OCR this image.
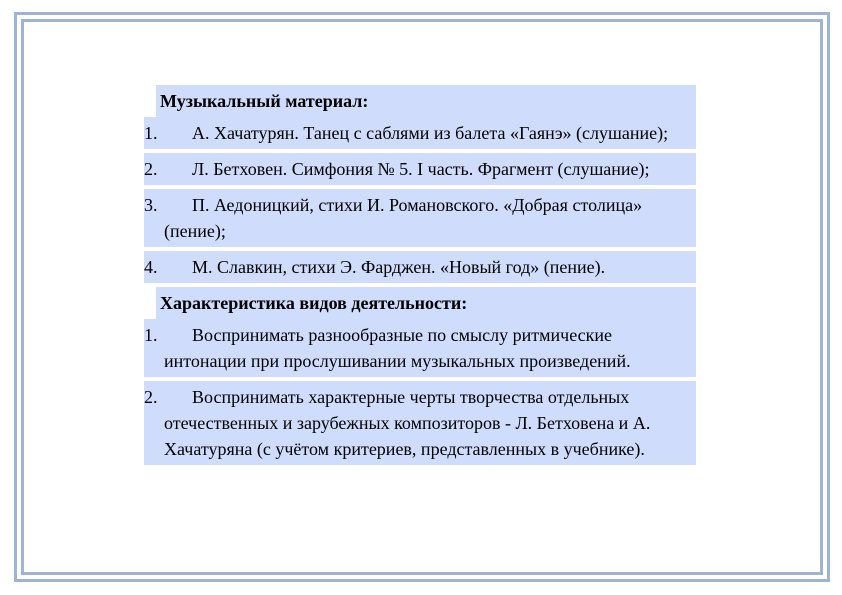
Музыкальный материал:
1.	А. Хачатурян. Танец с саблями из балета «Гаянэ» (слушание);
2.	Л. Бетховен. Симфония № 5. I часть. Фрагмент (слушание);
3.	П. Аедоницкий, стихи И. Романовского. «Добрая столица» (пение);
4.	М. Славкин, стихи Э. Фарджен. «Новый год» (пение).
Характеристика видов деятельности:
1.	Воспринимать разнообразные по смыслу ритмические интонации при прослушивании музыкальных произведений.
2.	Воспринимать характерные черты творчества отдельных отечественных и зарубежных композиторов - Л. Бетховена и А. Хачатуряна (с учётом критериев, представленных в учебнике).
